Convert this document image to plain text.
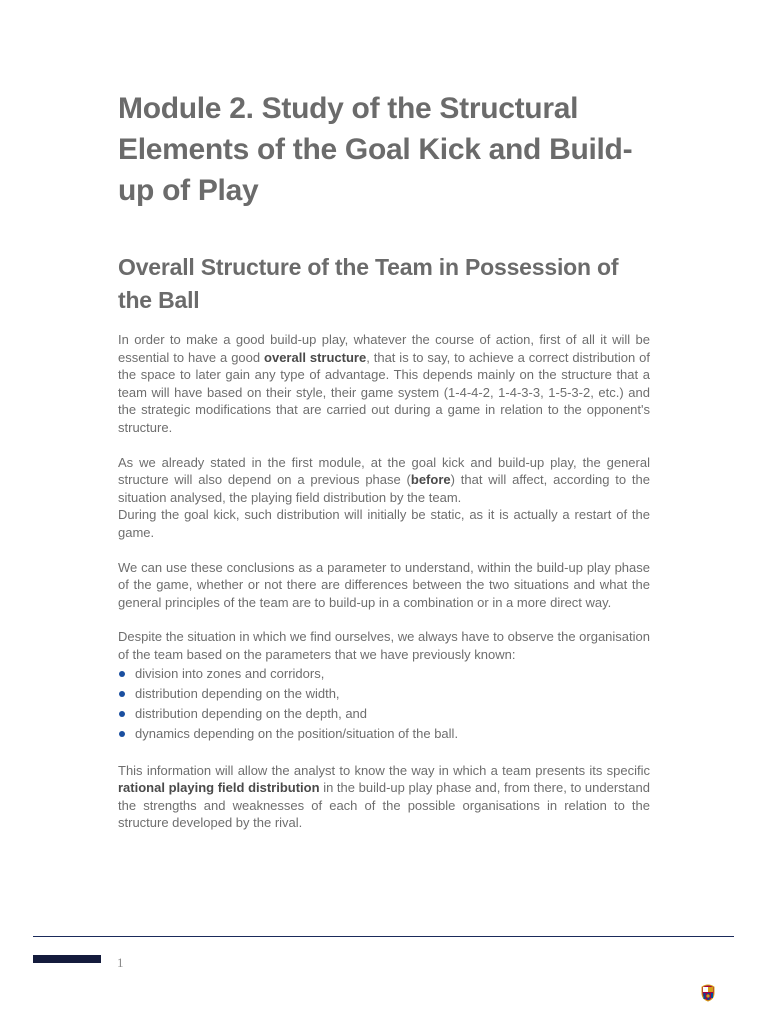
Module 2. Study of the Structural Elements of the Goal Kick and Build-up of Play
Overall Structure of the Team in Possession of the Ball

In order to make a good build-up play, whatever the course of action, first of all it will be essential to have a good overall structure, that is to say, to achieve a correct distribution of the space to later gain any type of advantage. This depends mainly on the structure that a team will have based on their style, their game system (1-4-4-2, 1-4-3-3, 1-5-3-2, etc.) and the strategic modifications that are carried out during a game in relation to the opponent's structure.

As we already stated in the first module, at the goal kick and build-up play, the general structure will also depend on a previous phase (before) that will affect, according to the situation analysed, the playing field distribution by the team.

During the goal kick, such distribution will initially be static, as it is actually a restart of the game.

We can use these conclusions as a parameter to understand, within the build-up play phase of the game, whether or not there are differences between the two situations and what the general principles of the team are to build-up in a combination or in a more direct way.

Despite the situation in which we find ourselves, we always have to observe the organisation of the team based on the parameters that we have previously known:

division into zones and corridors,
distribution depending on the width,
distribution depending on the depth, and
dynamics depending on the position/situation of the ball.

This information will allow the analyst to know the way in which a team presents its specific rational playing field distribution in the build-up play phase and, from there, to understand the strengths and weaknesses of each of the possible organisations in relation to the structure developed by the rival.

1
